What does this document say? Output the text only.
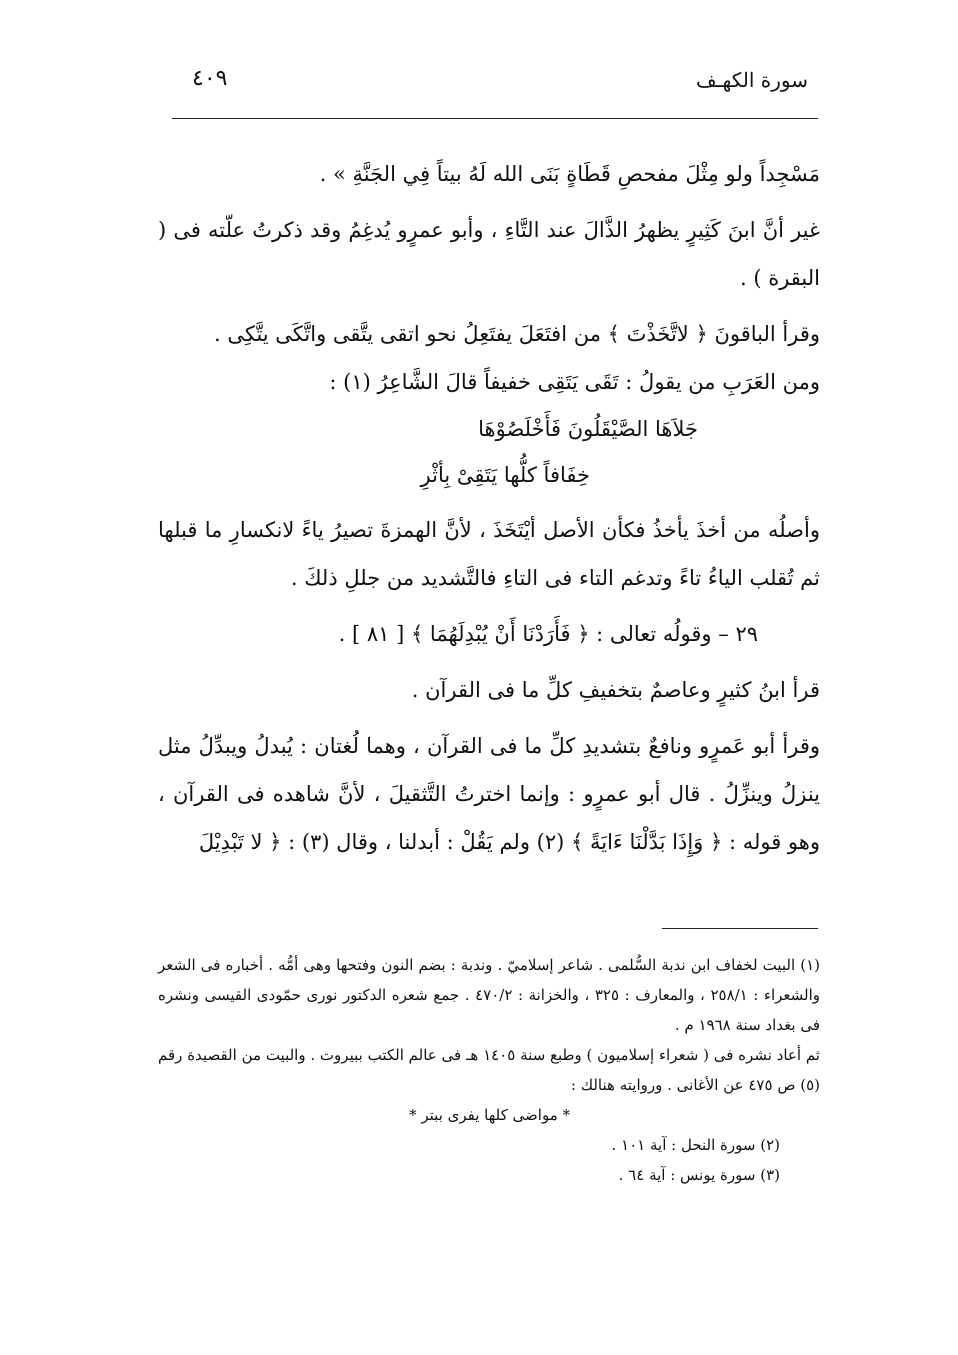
سورة الكهـف
٤٠٩

مَسْجِداً ولو مِثْلَ مفحصِ قَطَاةٍ بَنَى الله لَهُ بيتاً فِي الجَنَّةِ » .

غير أنَّ ابنَ كَثِيرٍ يظهرُ الذَّالَ عند التَّاءِ ، وأبو عمرٍو يُدغِمُ وقد ذكرتُ علّته فى ( البقرة ) .

وقرأ الباقونَ ﴿ لاتَّخَذْتَ ﴾ من افتَعَلَ يفتَعِلُ نحو اتقى يتَّقى واتَّكَى يتَّكِى .

ومن العَرَبِ من يقولُ : تَقَى يَتَقِى خفيفاً قالَ الشَّاعِرُ (١) :

جَلاَهَا الصَّيْقَلُونَ فَأَخْلَصُوْهَا

خِفَافاً كلُّها يَتَقِىْ بِأثْرِ

وأصلُه من أخذَ يأخذُ فكأن الأصل أيْتَخَذَ ، لأنَّ الهمزةَ تصيرُ ياءً لانكسارِ ما قبلها ثم تُقلب الياءُ تاءً وتدغم التاء فى التاءِ فالتَّشديد من جللِ ذلكَ .

٢٩ – وقولُه تعالى : ﴿ فَأَرَدْنَا أَنْ يُبْدِلَهُمَا ﴾ [ ٨١ ] .

قرأ ابنُ كثيرٍ وعاصمٌ بتخفيفِ كلِّ ما فى القرآن .

وقرأ أبو عَمرٍو ونافعٌ بتشديدِ كلِّ ما فى القرآن ، وهما لُغتان : يُبدلُ ويبدِّلُ مثل ينزلُ وينزِّلُ . قال أبو عمرٍو : وإنما اخترتُ التَّثقيلَ ، لأنَّ شاهده فى القرآن ، وهو قوله : ﴿ وَإِذَا بَدَّلْنَا ءَايَةً ﴾ (٢) ولم يَقُلْ : أبدلنا ، وقال (٣) : ﴿ لا تَبْدِيْلَ

(١) البيت لخفاف ابن ندبة السُّلمى . شاعر إسلاميّ . وندبة : بضم النون وفتحها وهى أمُّه . أخباره فى الشعر والشعراء : ٢٥٨/١ ، والمعارف : ٣٢٥ ، والخزانة : ٤٧٠/٢ . جمع شعره الدكتور نورى حمّودى القيسى ونشره فى بغداد سنة ١٩٦٨ م .

ثم أعاد نشره فى ( شعراء إسلاميون ) وطبع سنة ١٤٠٥ هـ فى عالم الكتب ببيروت . والبيت من القصيدة رقم (٥) ص ٤٧٥ عن الأغانى . وروايته هنالك :

* مواضى كلها يفرى ببتر *

(٢) سورة النحل : آية ١٠١ .

(٣) سورة يونس : آية ٦٤ .
